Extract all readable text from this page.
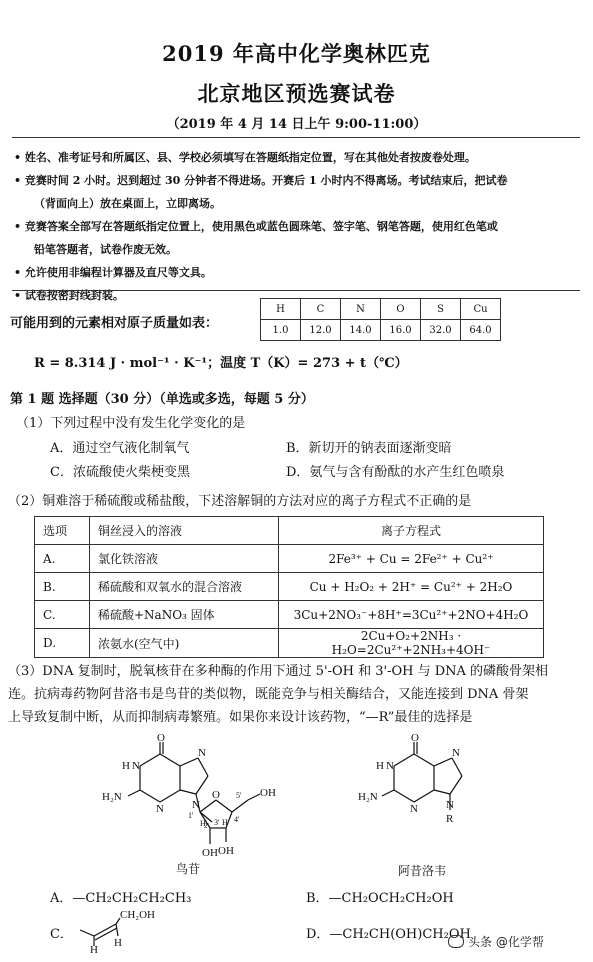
2019 年高中化学奥林匹克
北京地区预选赛试卷
（2019 年 4 月 14 日上午 9:00-11:00）
• 姓名、准考证号和所属区、县、学校必须填写在答题纸指定位置，写在其他处者按废卷处理。
• 竞赛时间 2 小时。迟到超过 30 分钟者不得进场。开赛后 1 小时内不得离场。考试结束后，把试卷
（背面向上）放在桌面上，立即离场。
• 竞赛答案全部写在答题纸指定位置上，使用黑色或蓝色圆珠笔、签字笔、钢笔答题，使用红色笔或
铅笔答题者，试卷作废无效。
• 允许使用非编程计算器及直尺等文具。
• 试卷按密封线封装。
可能用到的元素相对原子质量如表：
H	C	N	O	S	Cu
1.0	12.0	14.0	16.0	32.0	64.0
R = 8.314 J · mol⁻¹ · K⁻¹；温度 T（K）= 273 + t（℃）
第 1 题 选择题（30 分）（单选或多选，每题 5 分）
（1）下列过程中没有发生化学变化的是
A．通过空气液化制氧气	B．新切开的钠表面逐渐变暗
C．浓硫酸使火柴梗变黑	D．氨气与含有酚酞的水产生红色喷泉
（2）铜难溶于稀硫酸或稀盐酸，下述溶解铜的方法对应的离子方程式不正确的是
选项	铜丝浸入的溶液	离子方程式
A.	氯化铁溶液	2Fe³⁺ + Cu = 2Fe²⁺ + Cu²⁺
B.	稀硫酸和双氧水的混合溶液	Cu + H₂O₂ + 2H⁺ = Cu²⁺ + 2H₂O
C.	稀硫酸+NaNO₃ 固体	3Cu+2NO₃⁻+8H⁺=3Cu²⁺+2NO+4H₂O
D.	浓氨水(空气中)	2Cu+O₂+2NH₃ · H₂O=2Cu²⁺+2NH₃+4OH⁻
（3）DNA 复制时，脱氧核苷在多种酶的作用下通过 5'-OH 和 3'-OH 与 DNA 的磷酸骨架相
连。抗病毒药物阿昔洛韦是鸟苷的类似物，既能竞争与相关酶结合，又能连接到 DNA 骨架
上导致复制中断，从而抑制病毒繁殖。如果你来设计该药物，“—R”最佳的选择是
O
H N
H₂N
N
N
N
O	OH
5'
1'
H
2' 3' H 4'
OH OH
鸟苷
O
H N
H₂N
N
N
N
R
阿昔洛韦
A．—CH₂CH₂CH₂CH₃	B．—CH₂OCH₂CH₂OH
C．
CH₂OH
H
H
D．—CH₂CH(OH)CH₂OH
头条 @化学帮
